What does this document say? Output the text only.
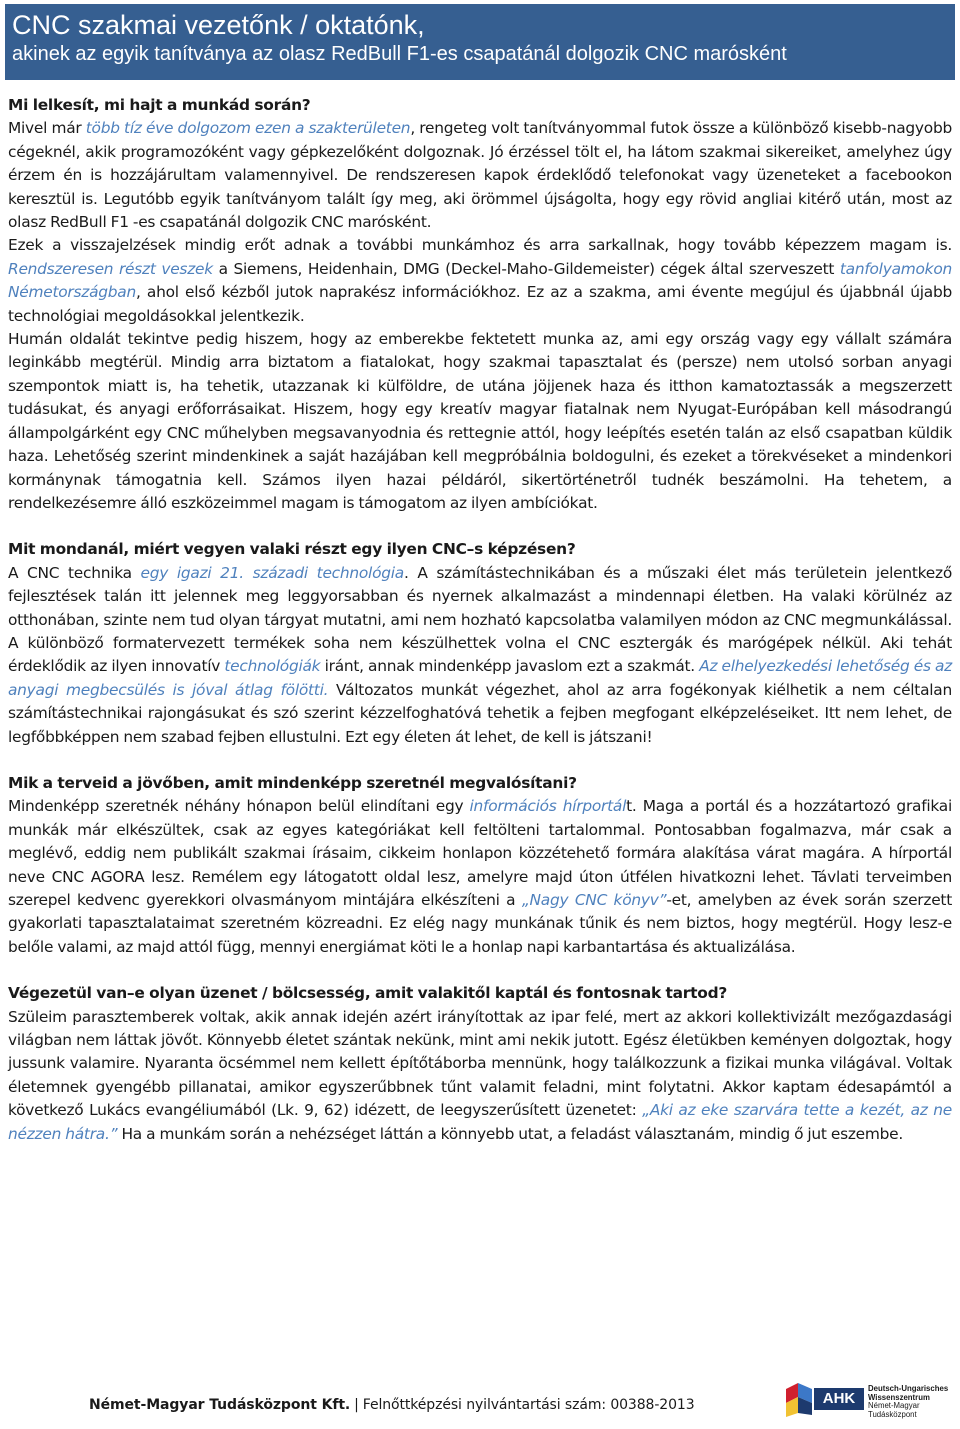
CNC szakmai vezetőnk / oktatónk,
akinek az egyik tanítványa az olasz RedBull F1-es csapatánál dolgozik CNC marósként
Mi lelkesít, mi hajt a munkád során?

Mivel már több tíz éve dolgozom ezen a szakterületen, rengeteg volt tanítványommal futok össze a különböző kisebb-nagyobb cégeknél, akik programozóként vagy gépkezelőként dolgoznak. Jó érzéssel tölt el, ha látom szakmai sikereiket, amelyhez úgy érzem én is hozzájárultam valamennyivel. De rendszeresen kapok érdeklődő telefonokat vagy üzeneteket a facebookon keresztül is. Legutóbb egyik tanítványom talált így meg, aki örömmel újságolta, hogy egy rövid angliai kitérő után, most az olasz RedBull F1 -es csapatánál dolgozik CNC marósként.

Ezek a visszajelzések mindig erőt adnak a további munkámhoz és arra sarkallnak, hogy tovább képezzem magam is. Rendszeresen részt veszek a Siemens, Heidenhain, DMG (Deckel-Maho-Gildemeister) cégek által szerveszett tanfolyamokon Németországban, ahol első kézből jutok naprakész információkhoz. Ez az a szakma, ami évente megújul és újabbnál újabb technológiai megoldásokkal jelentkezik.

Humán oldalát tekintve pedig hiszem, hogy az emberekbe fektetett munka az, ami egy ország vagy egy vállalt számára leginkább megtérül. Mindig arra biztatom a fiatalokat, hogy szakmai tapasztalat és (persze) nem utolsó sorban anyagi szempontok miatt is, ha tehetik, utazzanak ki külföldre, de utána jöjjenek haza és itthon kamatoztassák a megszerzett tudásukat, és anyagi erőforrásaikat. Hiszem, hogy egy kreatív magyar fiatalnak nem Nyugat-Európában kell másodrangú állampolgárként egy CNC műhelyben megsavanyodnia és rettegnie attól, hogy leépítés esetén talán az első csapatban küldik haza. Lehetőség szerint mindenkinek a saját hazájában kell megpróbálnia boldogulni, és ezeket a törekvéseket a mindenkori kormánynak támogatnia kell. Számos ilyen hazai példáról, sikertörténetről tudnék beszámolni. Ha tehetem, a rendelkezésemre álló eszközeimmel magam is támogatom az ilyen ambíciókat.

Mit mondanál, miért vegyen valaki részt egy ilyen CNC–s képzésen?

A CNC technika egy igazi 21. századi technológia. A számítástechnikában és a műszaki élet más területein jelentkező fejlesztések talán itt jelennek meg leggyorsabban és nyernek alkalmazást a mindennapi életben. Ha valaki körülnéz az otthonában, szinte nem tud olyan tárgyat mutatni, ami nem hozható kapcsolatba valamilyen módon az CNC megmunkálással. A különböző formatervezett termékek soha nem készülhettek volna el CNC esztergák és marógépek nélkül. Aki tehát érdeklődik az ilyen innovatív technológiák iránt, annak mindenképp javaslom ezt a szakmát. Az elhelyezkedési lehetőség és az anyagi megbecsülés is jóval átlag fölötti. Változatos munkát végezhet, ahol az arra fogékonyak kiélhetik a nem céltalan számítástechnikai rajongásukat és szó szerint kézzelfoghatóvá tehetik a fejben megfogant elképzeléseiket. Itt nem lehet, de legfőbbképpen nem szabad fejben ellustulni. Ezt egy életen át lehet, de kell is játszani!

Mik a terveid a jövőben, amit mindenképp szeretnél megvalósítani?

Mindenképp szeretnék néhány hónapon belül elindítani egy információs hírportált. Maga a portál és a hozzátartozó grafikai munkák már elkészültek, csak az egyes kategóriákat kell feltölteni tartalommal. Pontosabban fogalmazva, már csak a meglévő, eddig nem publikált szakmai írásaim, cikkeim honlapon közzétehető formára alakítása várat magára. A hírportál neve CNC AGORA lesz. Remélem egy látogatott oldal lesz, amelyre majd úton útfélen hivatkozni lehet. Távlati terveimben szerepel kedvenc gyerekkori olvasmányom mintájára elkészíteni a „Nagy CNC könyv”-et, amelyben az évek során szerzett gyakorlati tapasztalataimat szeretném közreadni. Ez elég nagy munkának tűnik és nem biztos, hogy megtérül. Hogy lesz-e belőle valami, az majd attól függ, mennyi energiámat köti le a honlap napi karbantartása és aktualizálása.

Végezetül van–e olyan üzenet / bölcsesség, amit valakitől kaptál és fontosnak tartod?

Szüleim parasztemberek voltak, akik annak idején azért irányítottak az ipar felé, mert az akkori kollektivizált mezőgazdasági világban nem láttak jövőt. Könnyebb életet szántak nekünk, mint ami nekik jutott. Egész életükben keményen dolgoztak, hogy jussunk valamire. Nyaranta öcsémmel nem kellett építőtáborba mennünk, hogy találkozzunk a fizikai munka világával. Voltak életemnek gyengébb pillanatai, amikor egyszerűbbnek tűnt valamit feladni, mint folytatni. Akkor kaptam édesapámtól a következő Lukács evangéliumából (Lk. 9, 62) idézett, de leegyszerűsített üzenetet: „Aki az eke szarvára tette a kezét, az ne nézzen hátra.” Ha a munkám során a nehézséget láttán a könnyebb utat, a feladást választanám, mindig ő jut eszembe.

Német-Magyar Tudásközpont Kft. | Felnőttképzési nyilvántartási szám: 00388-2013	AHK
Deutsch-Ungarisches
Wissenszentrum
Német-Magyar
Tudásközpont
